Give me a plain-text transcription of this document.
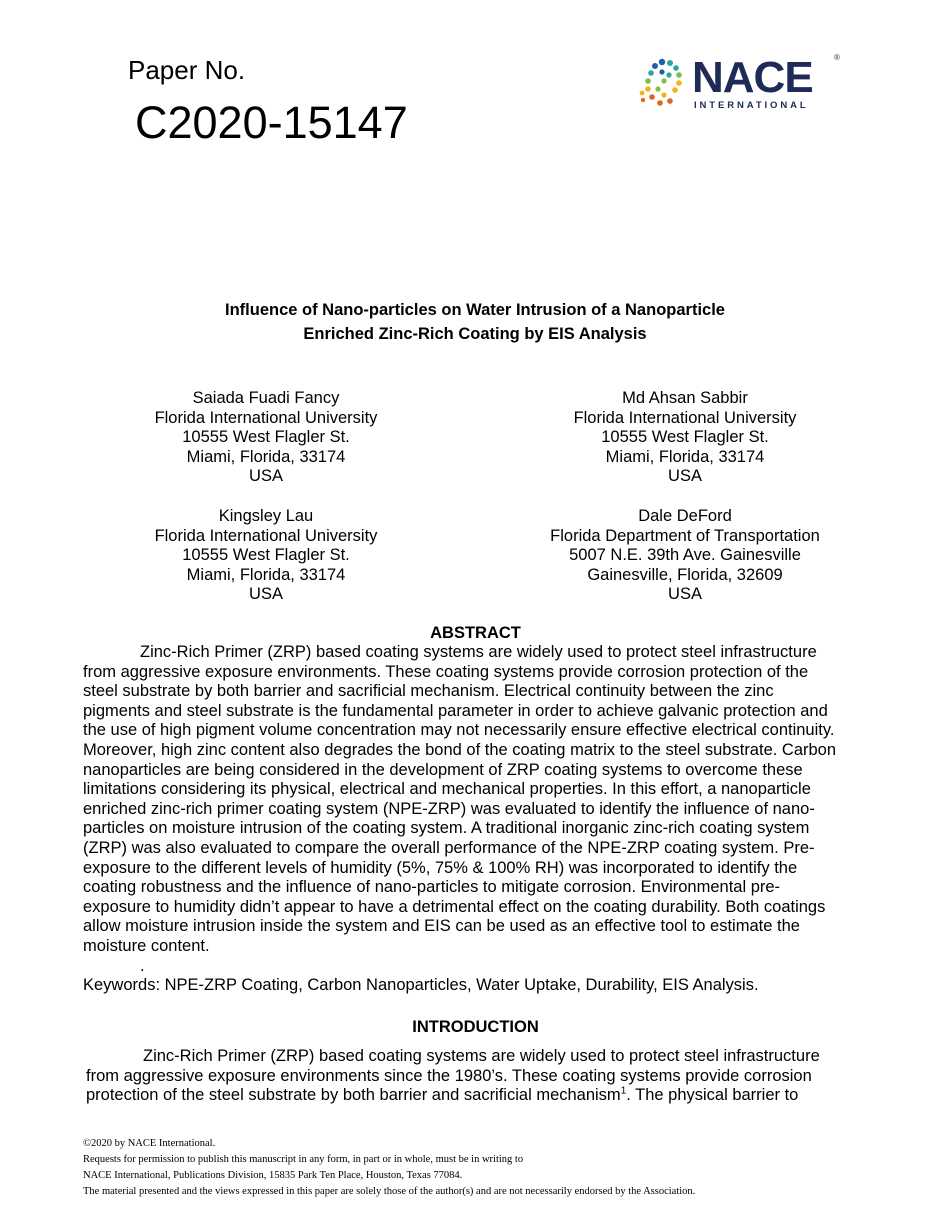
Paper No.
C2020-15147
NACE	®
INTERNATIONAL
Influence of Nano-particles on Water Intrusion of a Nanoparticle
Enriched Zinc-Rich Coating by EIS Analysis
Saiada Fuadi Fancy
Florida International University
10555 West Flagler St.
Miami, Florida, 33174
USA
Md Ahsan Sabbir
Florida International University
10555 West Flagler St.
Miami, Florida, 33174
USA
Kingsley Lau
Florida International University
10555 West Flagler St.
Miami, Florida, 33174
USA
Dale DeFord
Florida Department of Transportation
5007 N.E. 39th Ave. Gainesville
Gainesville, Florida, 32609
USA
ABSTRACT
Zinc-Rich Primer (ZRP) based coating systems are widely used to protect steel infrastructure
from aggressive exposure environments. These coating systems provide corrosion protection of the
steel substrate by both barrier and sacrificial mechanism. Electrical continuity between the zinc
pigments and steel substrate is the fundamental parameter in order to achieve galvanic protection and
the use of high pigment volume concentration may not necessarily ensure effective electrical continuity.
Moreover, high zinc content also degrades the bond of the coating matrix to the steel substrate. Carbon
nanoparticles are being considered in the development of ZRP coating systems to overcome these
limitations considering its physical, electrical and mechanical properties. In this effort, a nanoparticle
enriched zinc-rich primer coating system (NPE-ZRP) was evaluated to identify the influence of nano-
particles on moisture intrusion of the coating system. A traditional inorganic zinc-rich coating system
(ZRP) was also evaluated to compare the overall performance of the NPE-ZRP coating system. Pre-
exposure to the different levels of humidity (5%, 75% & 100% RH) was incorporated to identify the
coating robustness and the influence of nano-particles to mitigate corrosion. Environmental pre-
exposure to humidity didn’t appear to have a detrimental effect on the coating durability. Both coatings
allow moisture intrusion inside the system and EIS can be used as an effective tool to estimate the
moisture content.
.
Keywords: NPE-ZRP Coating, Carbon Nanoparticles, Water Uptake, Durability, EIS Analysis.
INTRODUCTION
Zinc-Rich Primer (ZRP) based coating systems are widely used to protect steel infrastructure
from aggressive exposure environments since the 1980’s. These coating systems provide corrosion
protection of the steel substrate by both barrier and sacrificial mechanism$^1$. The physical barrier to
©2020 by NACE International.
Requests for permission to publish this manuscript in any form, in part or in whole, must be in writing to
NACE International, Publications Division, 15835 Park Ten Place, Houston, Texas 77084.
The material presented and the views expressed in this paper are solely those of the author(s) and are not necessarily endorsed by the Association.
